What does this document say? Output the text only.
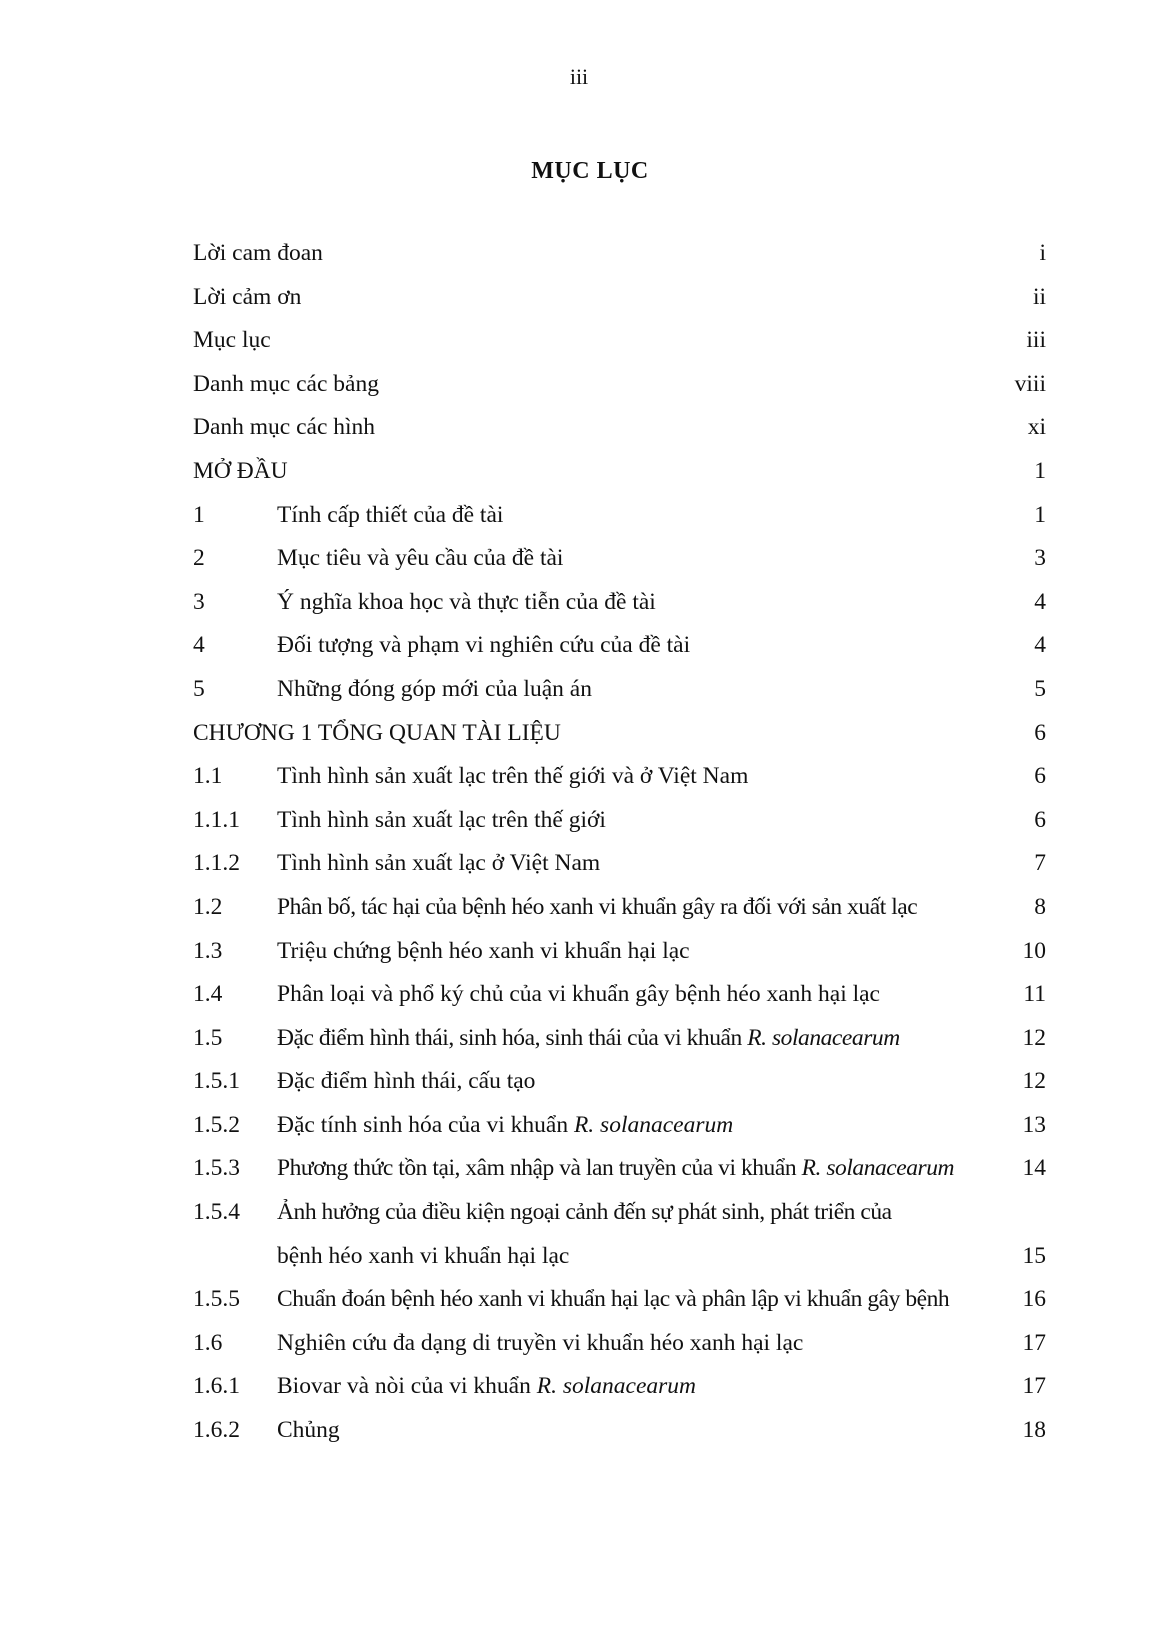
iii
MỤC LỤC
Lời cam đoan	i
Lời cảm ơn	ii
Mục lục	iii
Danh mục các bảng	viii
Danh mục các hình	xi
MỞ ĐẦU	1
1	Tính cấp thiết của đề tài	1
2	Mục tiêu và yêu cầu của đề tài	3
3	Ý nghĩa khoa học và thực tiễn của đề tài	4
4	Đối tượng và phạm vi nghiên cứu của đề tài	4
5	Những đóng góp mới của luận án	5
CHƯƠNG 1 TỔNG QUAN TÀI LIỆU	6
1.1 Tình hình sản xuất lạc trên thế giới và ở Việt Nam	6
1.1.1 Tình hình sản xuất lạc trên thế giới	6
1.1.2 Tình hình sản xuất lạc ở Việt Nam	7
1.2 Phân bố, tác hại của bệnh héo xanh vi khuẩn gây ra đối với sản xuất lạc	8
1.3 Triệu chứng bệnh héo xanh vi khuẩn hại lạc	10
1.4 Phân loại và phổ ký chủ của vi khuẩn gây bệnh héo xanh hại lạc	11
1.5 Đặc điểm hình thái, sinh hóa, sinh thái của vi khuẩn R. solanacearum	12
1.5.1 Đặc điểm hình thái, cấu tạo	12
1.5.2 Đặc tính sinh hóa của vi khuẩn R. solanacearum	13
1.5.3 Phương thức tồn tại, xâm nhập và lan truyền của vi khuẩn R. solanacearum	14
1.5.4 Ảnh hưởng của điều kiện ngoại cảnh đến sự phát sinh, phát triển của
bệnh héo xanh vi khuẩn hại lạc	15
1.5.5 Chuẩn đoán bệnh héo xanh vi khuẩn hại lạc và phân lập vi khuẩn gây bệnh	16
1.6 Nghiên cứu đa dạng di truyền vi khuẩn héo xanh hại lạc	17
1.6.1 Biovar và nòi của vi khuẩn R. solanacearum	17
1.6.2 Chủng	18
